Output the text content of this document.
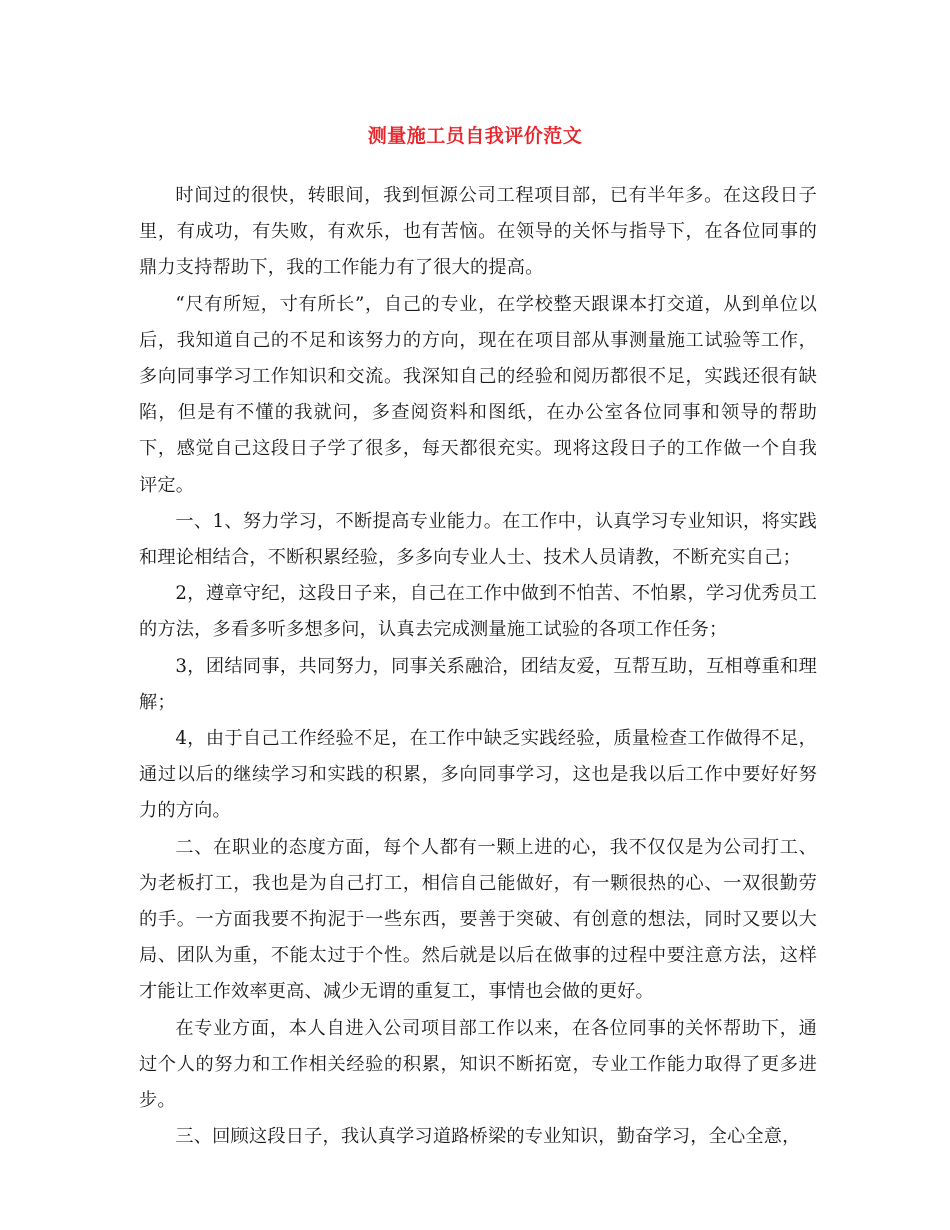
测量施工员自我评价范文

时间过的很快，转眼间，我到恒源公司工程项目部，已有半年多。在这段日子里，有成功，有失败，有欢乐，也有苦恼。在领导的关怀与指导下，在各位同事的鼎力支持帮助下，我的工作能力有了很大的提高。

“尺有所短，寸有所长”，自己的专业，在学校整天跟课本打交道，从到单位以后，我知道自己的不足和该努力的方向，现在在项目部从事测量施工试验等工作，多向同事学习工作知识和交流。我深知自己的经验和阅历都很不足，实践还很有缺陷，但是有不懂的我就问，多查阅资料和图纸，在办公室各位同事和领导的帮助下，感觉自己这段日子学了很多，每天都很充实。现将这段日子的工作做一个自我评定。

一、1、努力学习，不断提高专业能力。在工作中，认真学习专业知识，将实践和理论相结合，不断积累经验，多多向专业人士、技术人员请教，不断充实自己；

2，遵章守纪，这段日子来，自己在工作中做到不怕苦、不怕累，学习优秀员工的方法，多看多听多想多问，认真去完成测量施工试验的各项工作任务；

3，团结同事，共同努力，同事关系融洽，团结友爱，互帮互助，互相尊重和理解；

4，由于自己工作经验不足，在工作中缺乏实践经验，质量检查工作做得不足，通过以后的继续学习和实践的积累，多向同事学习，这也是我以后工作中要好好努力的方向。

二、在职业的态度方面，每个人都有一颗上进的心，我不仅仅是为公司打工、为老板打工，我也是为自己打工，相信自己能做好，有一颗很热的心、一双很勤劳的手。一方面我要不拘泥于一些东西，要善于突破、有创意的想法，同时又要以大局、团队为重，不能太过于个性。然后就是以后在做事的过程中要注意方法，这样才能让工作效率更高、减少无谓的重复工，事情也会做的更好。

在专业方面，本人自进入公司项目部工作以来，在各位同事的关怀帮助下，通过个人的努力和工作相关经验的积累，知识不断拓宽，专业工作能力取得了更多进步。

三、回顾这段日子，我认真学习道路桥梁的专业知识，勤奋学习，全心全意，
